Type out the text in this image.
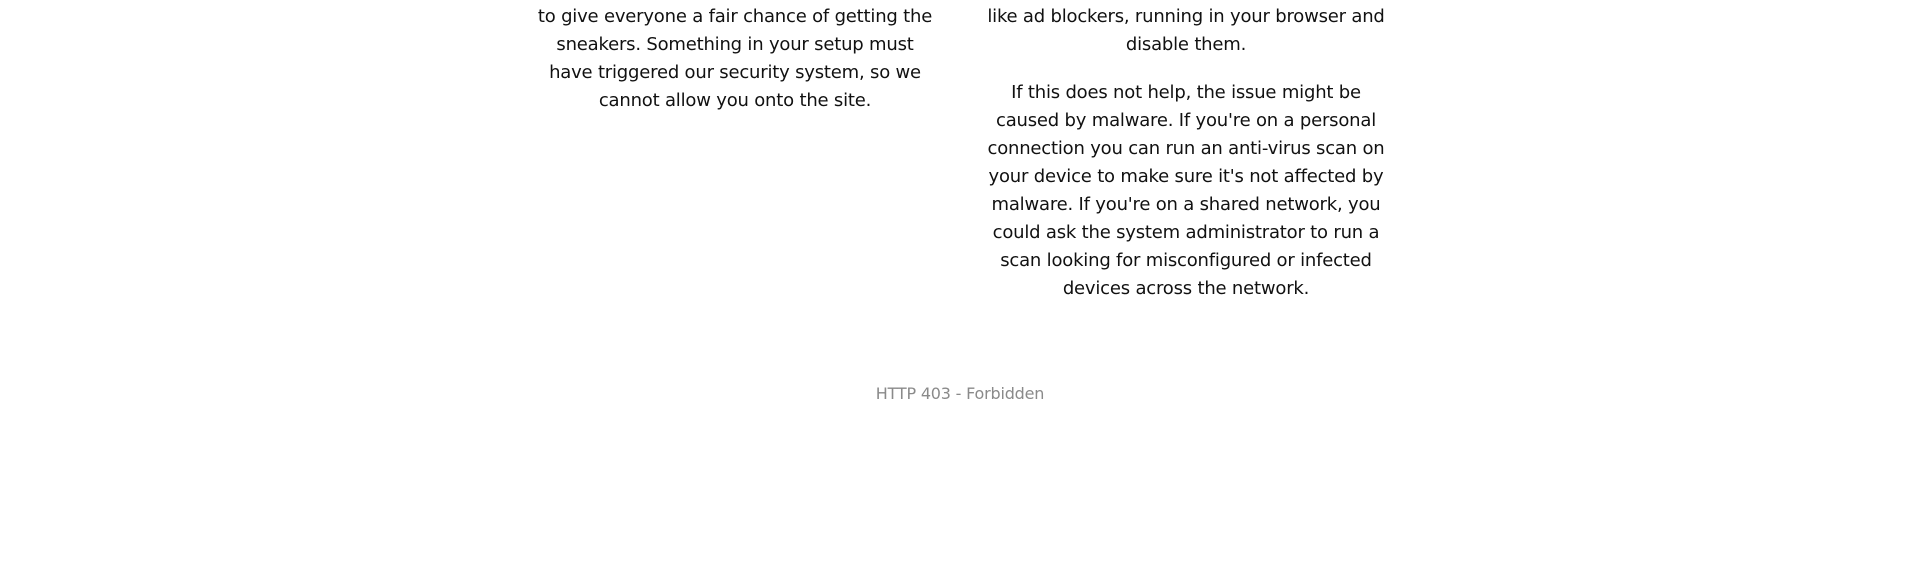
to give everyone a fair chance of getting the sneakers. Something in your setup must have triggered our security system, so we cannot allow you onto the site.

like ad blockers, running in your browser and disable them.

If this does not help, the issue might be caused by malware. If you're on a personal connection you can run an anti-virus scan on your device to make sure it's not affected by malware. If you're on a shared network, you could ask the system administrator to run a scan looking for misconfigured or infected devices across the network.

HTTP 403 - Forbidden
